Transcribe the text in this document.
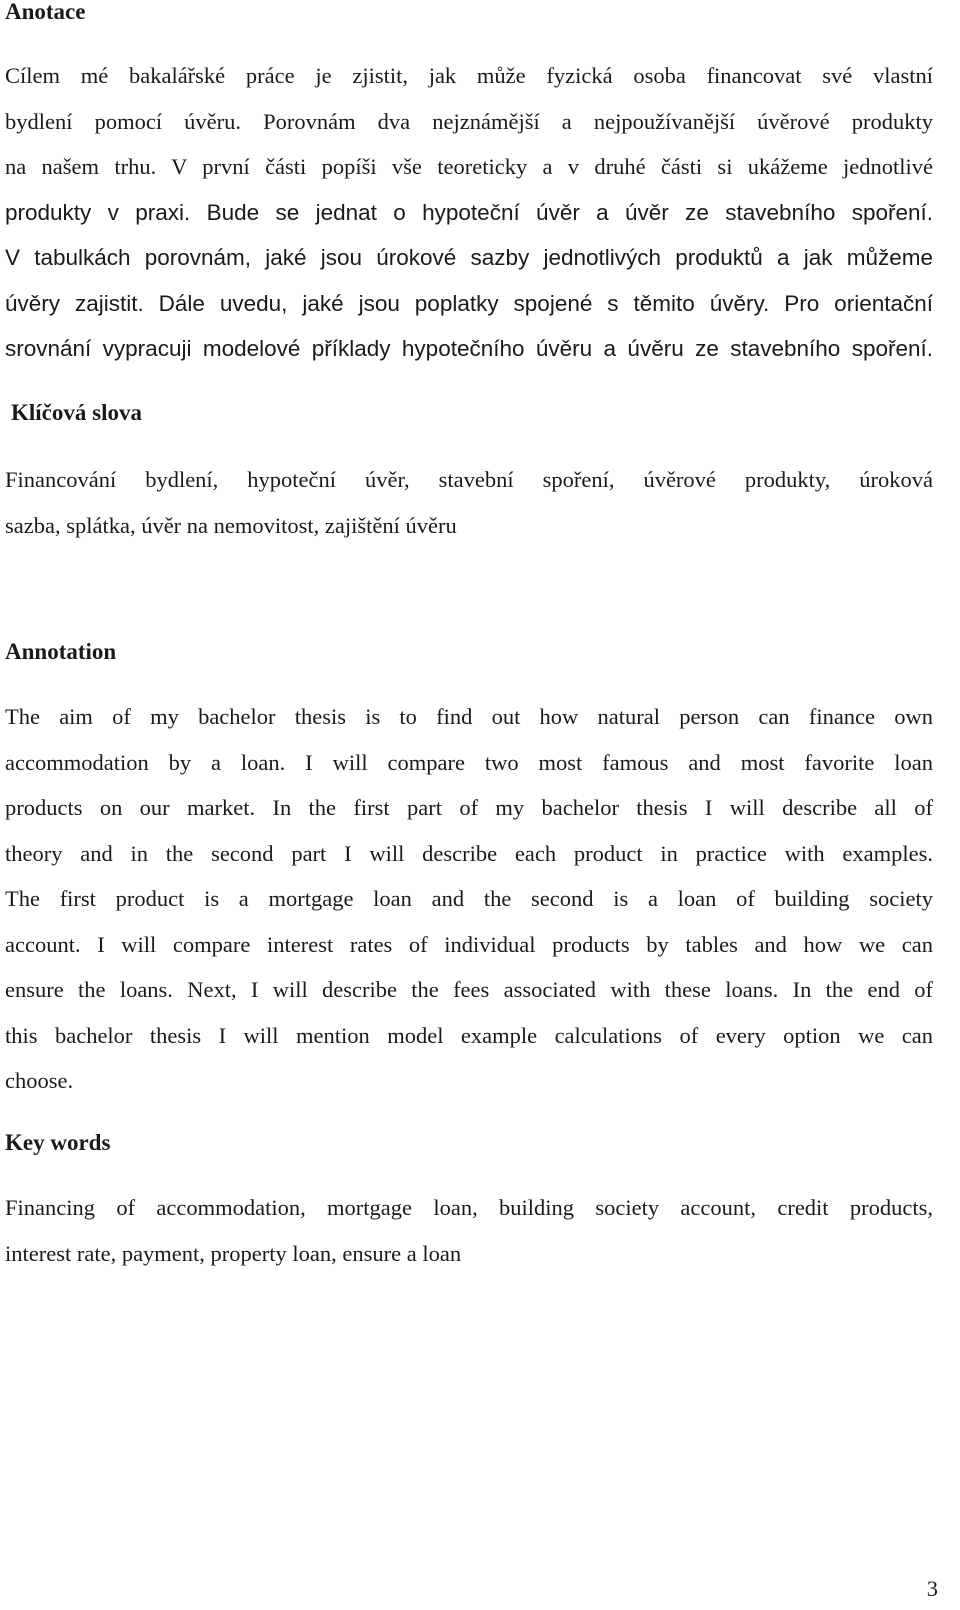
Anotace
Cílem mé bakalářské práce je zjistit, jak může fyzická osoba financovat své vlastní
bydlení pomocí úvěru. Porovnám dva nejznámější a nejpoužívanější úvěrové produkty
na našem trhu. V první části popíši vše teoreticky a v druhé části si ukážeme jednotlivé
produkty v praxi. Bude se jednat o hypoteční úvěr a úvěr ze stavebního spoření.
V tabulkách porovnám, jaké jsou úrokové sazby jednotlivých produktů a jak můžeme
úvěry zajistit. Dále uvedu, jaké jsou poplatky spojené s těmito úvěry. Pro orientační
srovnání vypracuji modelové příklady hypotečního úvěru a úvěru ze stavebního spoření.
Klíčová slova
Financování bydlení, hypoteční úvěr, stavební spoření, úvěrové produkty, úroková
sazba, splátka, úvěr na nemovitost, zajištění úvěru
Annotation
The aim of my bachelor thesis is to find out how natural person can finance own
accommodation by a loan. I will compare two most famous and most favorite loan
products on our market. In the first part of my bachelor thesis I will describe all of
theory and in the second part I will describe each product in practice with examples.
The first product is a mortgage loan and the second is a loan of building society
account. I will compare interest rates of individual products by tables and how we can
ensure the loans. Next, I will describe the fees associated with these loans. In the end of
this bachelor thesis I will mention model example calculations of every option we can
choose.
Key words
Financing of accommodation, mortgage loan, building society account, credit products,
interest rate, payment, property loan, ensure a loan
3
